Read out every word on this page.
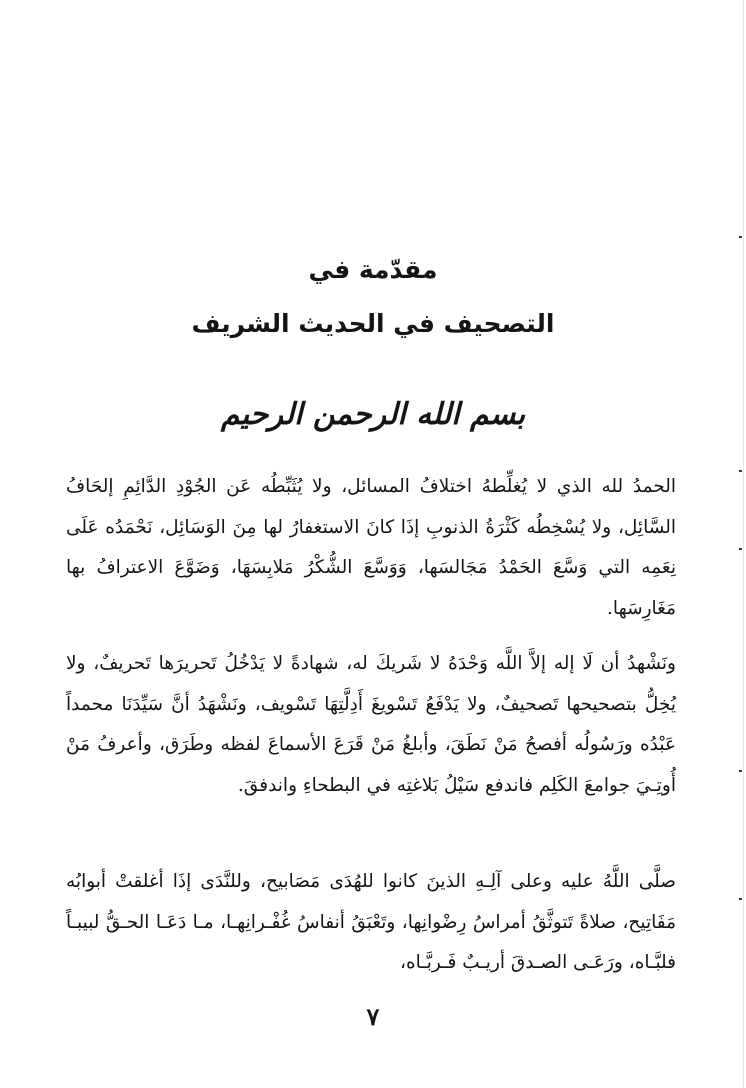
مقدّمة في
التصحيف في الحديث الشريف
بسم الله الرحمن الرحيم

الحمدُ لله الذي لا يُغلِّطهُ اختلافُ المسائل، ولا يُثَبِّطُه عَن الجُوْدِ الدَّائِمِ إلحَافُ السَّائِل، ولا يُسْخِطُه كَثْرَةُ الذنوبِ إذَا كانَ الاستغفارُ لها مِنَ الوَسَائِل، نَحْمَدُه عَلَى نِعَمِه التي وَسَّعَ الحَمْدُ مَجَالسَها، وَوَسَّعَ الشُّكْرُ مَلابِسَهَا، وَضَوَّعَ الاعترافُ بها مَغَارِسَها.

ونَشْهدُ أن لَا إله إلاَّ اللَّه وَحْدَهُ لا شَريكَ له، شهادةً لا يَدْخُلُ تَحريرَها تَحريفٌ، ولا يُخِلُّ بتصحيحها تَصحيفٌ، ولا يَدْفَعُ تَسْويغَ أَدِلَّتِهَا تَسْويف، ونَشْهَدُ أنَّ سَيِّدَنَا محمداً عَبْدُه ورَسُولُه أفصحُ مَنْ نَطَقَ، وأبلغُ مَنْ قَرَعَ الأسماعَ لفظه وطَرَق، وأعرفُ مَنْ أُوتِـيَ جوامعَ الكَلِم فاندفع سَيْلُ بَلاغتِه في البطحاءِ واندفقَ.

صلَّى اللَّهُ عليه وعلى آلِـهِ الذينَ كانوا للهُدَى مَصَابيح، وللنَّدَى إذَا أغلقتْ أبوابُه مَفَاتِيح، صلاةً تَتوثَّقُ أمراسُ رِضْوانِها، وتَعْبَقُ أنفاسُ غُفْـرانِهـا، مـا دَعَـا الحـقُّ لبيبـاً فلبَّـاه، ورَعَـى الصـدقَ أريـبٌ فَـربَّـاه،

٧
